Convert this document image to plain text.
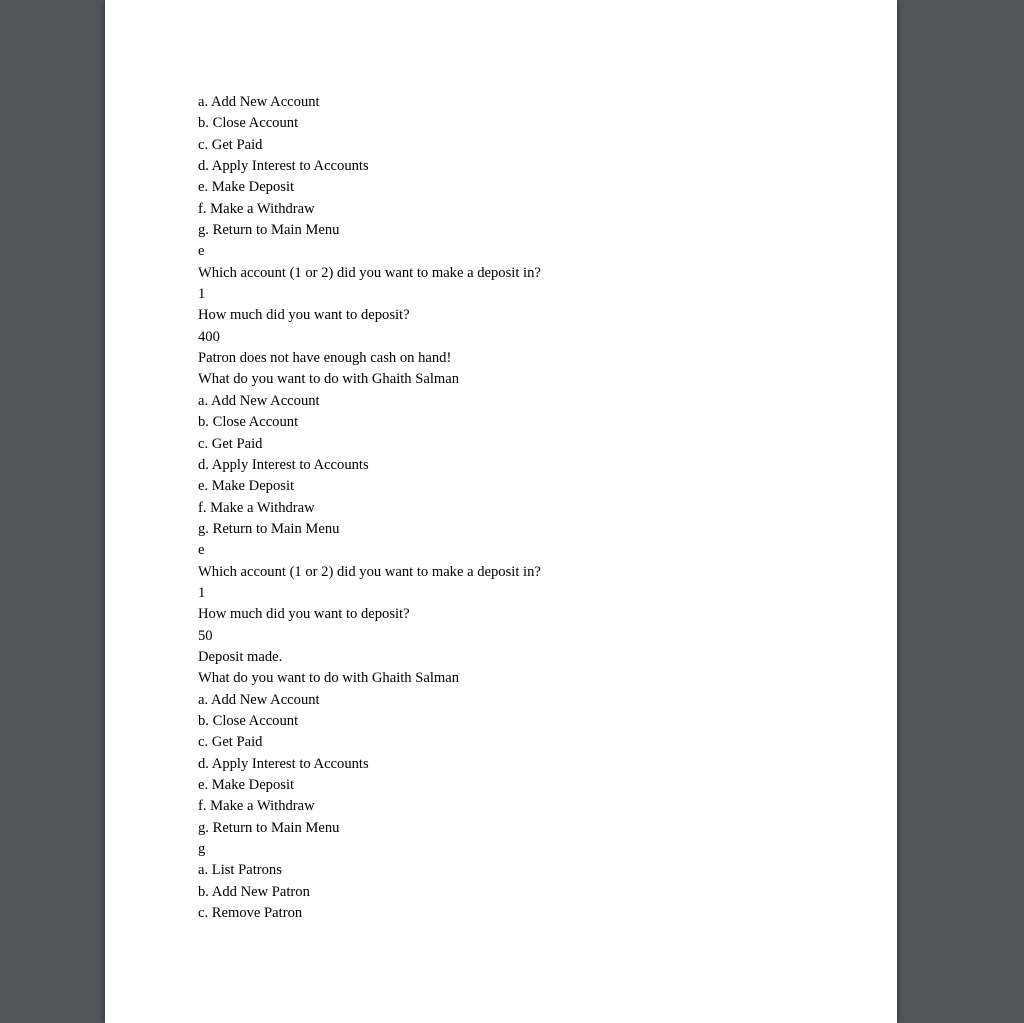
a. Add New Account
b. Close Account
c. Get Paid
d. Apply Interest to Accounts
e. Make Deposit
f. Make a Withdraw
g. Return to Main Menu
e
Which account (1 or 2) did you want to make a deposit in?
1
How much did you want to deposit?
400
Patron does not have enough cash on hand!
What do you want to do with Ghaith Salman
a. Add New Account
b. Close Account
c. Get Paid
d. Apply Interest to Accounts
e. Make Deposit
f. Make a Withdraw
g. Return to Main Menu
e
Which account (1 or 2) did you want to make a deposit in?
1
How much did you want to deposit?
50
Deposit made.
What do you want to do with Ghaith Salman
a. Add New Account
b. Close Account
c. Get Paid
d. Apply Interest to Accounts
e. Make Deposit
f. Make a Withdraw
g. Return to Main Menu
g
a. List Patrons
b. Add New Patron
c. Remove Patron
